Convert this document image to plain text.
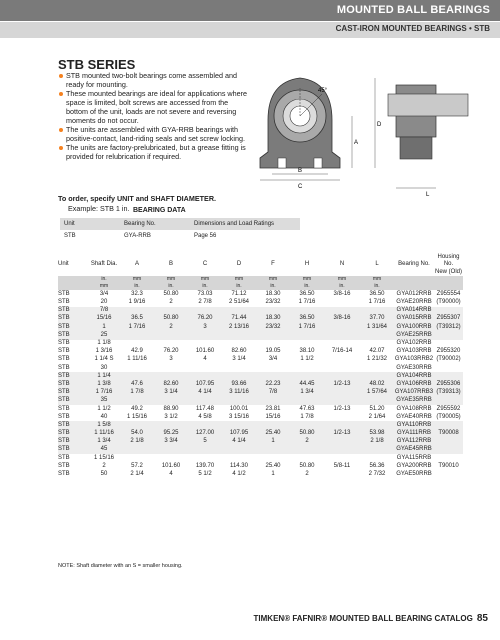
MOUNTED BALL BEARINGS
CAST-IRON MOUNTED BEARINGS • STB
STB SERIES
STB mounted two-bolt bearings come assembled and ready for mounting.
These mounted bearings are ideal for applications where space is limited, bolt screws are accessed from the bottom of the unit, loads are not severe and reversing moments do not occur.
The units are assembled with GYA-RRB bearings with positive-contact, land-riding seals and set screw locking.
The units are factory-prelubricated, but a grease fitting is provided for relubrication if required.
To order, specify UNIT and SHAFT DIAMETER.
Example: STB 1 in.
45°
B
C
A
D
L
BEARING DATA
Unit	Bearing No.	Dimensions and Load Ratings
STB	GYA-RRB	Page 56
Unit	Shaft Dia.	A	B	C	D	F	H	N	L	Bearing No.	Housing No.
New (Old)
	in.	mm	mm	mm	mm	mm	mm	mm	mm		
	mm	in.	in.	in.	in.	in.	in.	in.	in.		
STB	3/4	32.3	50.80	73.03	71.12	18.30	36.50	3/8-16	36.50	GYA012RRB	Z955554
STB	20	1 9/16	2	2 7/8	2 51/64	23/32	1 7/16		1 7/16	GYAE20RRB	(T90000)
STB	7/8									GYA014RRB	
STB	15/16	36.5	50.80	76.20	71.44	18.30	36.50	3/8-16	37.70	GYA015RRB	Z955307
STB	1	1 7/16	2	3	2 13/16	23/32	1 7/16		1 31/64	GYA100RRB	(T39312)
STB	25									GYAE25RRB	
STB	1 1/8									GYA102RRB	
STB	1 3/16	42.9	76.20	101.60	82.60	19.05	38.10	7/16-14	42.07	GYA103RRB	Z955320
STB	1 1/4 S	1 11/16	3	4	3 1/4	3/4	1 1/2		1 21/32	GYA103RRB2	(T90002)
STB	30									GYAE30RRB	
STB	1 1/4									GYA104RRB	
STB	1 3/8	47.6	82.60	107.95	93.66	22.23	44.45	1/2-13	48.02	GYA106RRB	Z955306
STB	1 7/16	1 7/8	3 1/4	4 1/4	3 11/16	7/8	1 3/4		1 57/64	GYA107RRB3	(T39313)
STB	35									GYAE35RRB	
STB	1 1/2	49.2	88.90	117.48	100.01	23.81	47.63	1/2-13	51.20	GYA108RRB	Z955592
STB	40	1 15/16	3 1/2	4 5/8	3 15/16	15/16	1 7/8		2 1/64	GYAE40RRB	(T90005)
STB	1 5/8									GYA110RRB	
STB	1 11/16	54.0	95.25	127.00	107.95	25.40	50.80	1/2-13	53.98	GYA111RRB	T90008
STB	1 3/4	2 1/8	3 3/4	5	4 1/4	1	2		2 1/8	GYA112RRB	
STB	45									GYAE45RRB	
STB	1 15/16									GYA115RRB	
STB	2	57.2	101.60	139.70	114.30	25.40	50.80	5/8-11	56.36	GYA200RRB	T90010
STB	50	2 1/4	4	5 1/2	4 1/2	1	2		2 7/32	GYAE50RRB	
NOTE: Shaft diameter with an S = smaller housing.
TIMKEN® FAFNIR® MOUNTED BALL BEARING CATALOG 85
